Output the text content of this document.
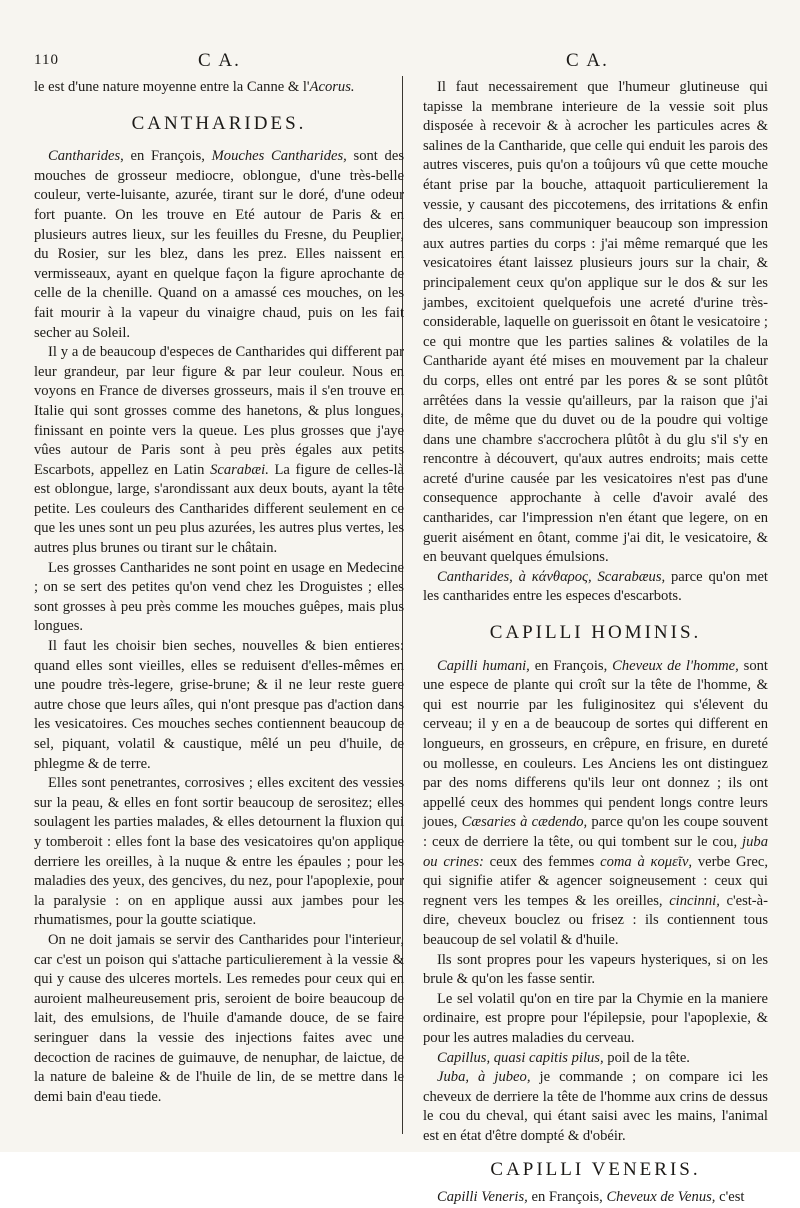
110	C A.	C A.

le est d'une nature moyenne entre la Canne & l'Acorus.

CANTHARIDES.

Cantharides, en François, Mouches Cantharides, sont des mouches de grosseur mediocre, oblongue, d'une très-belle couleur, verte-luisante, azurée, tirant sur le doré, d'une odeur fort puante. On les trouve en Eté autour de Paris & en plusieurs autres lieux, sur les feuilles du Fresne, du Peuplier, du Rosier, sur les blez, dans les prez. Elles naissent en vermisseaux, ayant en quelque façon la figure aprochante de celle de la chenille. Quand on a amassé ces mouches, on les fait mourir à la vapeur du vinaigre chaud, puis on les fait secher au Soleil.

Il y a de beaucoup d'especes de Cantharides qui different par leur grandeur, par leur figure & par leur couleur. Nous en voyons en France de diverses grosseurs, mais il s'en trouve en Italie qui sont grosses comme des hanetons, & plus longues, finissant en pointe vers la queue. Les plus grosses que j'aye vûes autour de Paris sont à peu près égales aux petits Escarbots, appellez en Latin Scarabæi. La figure de celles-là est oblongue, large, s'arondissant aux deux bouts, ayant la tête petite. Les couleurs des Cantharides different seulement en ce que les unes sont un peu plus azurées, les autres plus vertes, les autres plus brunes ou tirant sur le châtain.

Les grosses Cantharides ne sont point en usage en Medecine ; on se sert des petites qu'on vend chez les Droguistes ; elles sont grosses à peu près comme les mouches guêpes, mais plus longues.

Il faut les choisir bien seches, nouvelles & bien entieres: quand elles sont vieilles, elles se reduisent d'elles-mêmes en une poudre très-legere, grise-brune; & il ne leur reste guere autre chose que leurs aîles, qui n'ont presque pas d'action dans les vesicatoires. Ces mouches seches contiennent beaucoup de sel, piquant, volatil & caustique, mêlé un peu d'huile, de phlegme & de terre.

Elles sont penetrantes, corrosives ; elles excitent des vessies sur la peau, & elles en font sortir beaucoup de serositez; elles soulagent les parties malades, & elles detournent la fluxion qui y tomberoit : elles font la base des vesicatoires qu'on applique derriere les oreilles, à la nuque & entre les épaules ; pour les maladies des yeux, des gencives, du nez, pour l'apoplexie, pour la paralysie : on en applique aussi aux jambes pour les rhumatismes, pour la goutte sciatique.

On ne doit jamais se servir des Cantharides pour l'interieur, car c'est un poison qui s'attache particulierement à la vessie & qui y cause des ulceres mortels. Les remedes pour ceux qui en auroient malheureusement pris, seroient de boire beaucoup de lait, des emulsions, de l'huile d'amande douce, de se faire seringuer dans la vessie des injections faites avec une decoction de racines de guimauve, de nenuphar, de laictue, de la nature de baleine & de l'huile de lin, de se mettre dans le demi bain d'eau tiede.

Il faut necessairement que l'humeur glutineuse qui tapisse la membrane interieure de la vessie soit plus disposée à recevoir & à acrocher les particules acres & salines de la Cantharide, que celle qui enduit les parois des autres visceres, puis qu'on a toûjours vû que cette mouche étant prise par la bouche, attaquoit particulierement la vessie, y causant des piccotemens, des irritations & enfin des ulceres, sans communiquer beaucoup son impression aux autres parties du corps : j'ai même remarqué que les vesicatoires étant laissez plusieurs jours sur la chair, & principalement ceux qu'on applique sur le dos & sur les jambes, excitoient quelquefois une acreté d'urine très-considerable, laquelle on guerissoit en ôtant le vesicatoire ; ce qui montre que les parties salines & volatiles de la Cantharide ayant été mises en mouvement par la chaleur du corps, elles ont entré par les pores & se sont plûtôt arrêtées dans la vessie qu'ailleurs, par la raison que j'ai dite, de même que du duvet ou de la poudre qui voltige dans une chambre s'accrochera plûtôt à du glu s'il s'y en rencontre à découvert, qu'aux autres endroits; mais cette acreté d'urine causée par les vesicatoires n'est pas d'une consequence approchante à celle d'avoir avalé des cantharides, car l'impression n'en étant que legere, on en guerit aisément en ôtant, comme j'ai dit, le vesicatoire, & en beuvant quelques émulsions.

Cantharides, à κάνθαρος, Scarabæus, parce qu'on met les cantharides entre les especes d'escarbots.

CAPILLI HOMINIS.

Capilli humani, en François, Cheveux de l'homme, sont une espece de plante qui croît sur la tête de l'homme, & qui est nourrie par les fuliginositez qui s'élevent du cerveau; il y en a de beaucoup de sortes qui different en longueurs, en grosseurs, en crêpure, en frisure, en dureté ou mollesse, en couleurs. Les Anciens les ont distinguez par des noms differens qu'ils leur ont donnez ; ils ont appellé ceux des hommes qui pendent longs contre leurs joues, Cæsaries à cædendo, parce qu'on les coupe souvent : ceux de derriere la tête, ou qui tombent sur le cou, juba ou crines: ceux des femmes coma à κομεῖν, verbe Grec, qui signifie atifer & agencer soigneusement : ceux qui regnent vers les tempes & les oreilles, cincinni, c'est-à-dire, cheveux bouclez ou frisez : ils contiennent tous beaucoup de sel volatil & d'huile.

Ils sont propres pour les vapeurs hysteriques, si on les brule & qu'on les fasse sentir.

Le sel volatil qu'on en tire par la Chymie en la maniere ordinaire, est propre pour l'épilepsie, pour l'apoplexie, & pour les autres maladies du cerveau.

Capillus, quasi capitis pilus, poil de la tête.

Juba, à jubeo, je commande ; on compare ici les cheveux de derriere la tête de l'homme aux crins de dessus le cou du cheval, qui étant saisi avec les mains, l'animal est en état d'être dompté & d'obéir.

CAPILLI VENERIS.

Capilli Veneris, en François, Cheveux de Venus, c'est
